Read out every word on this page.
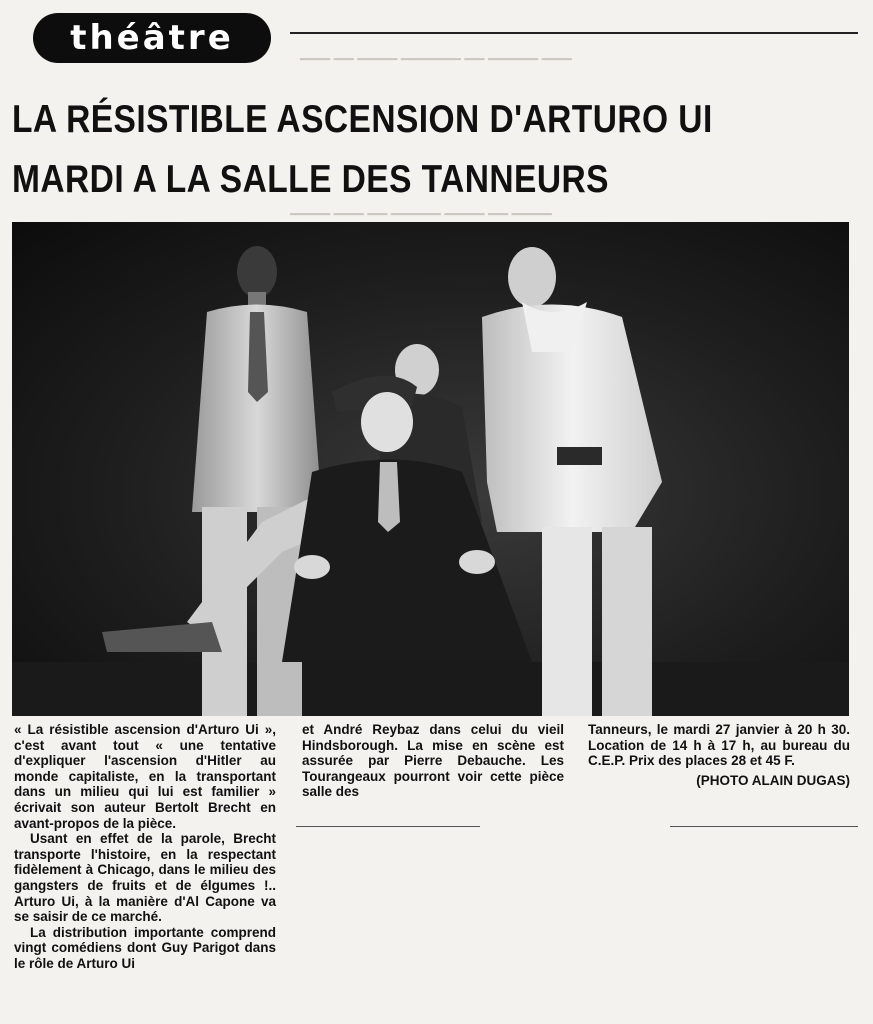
▁▁▁ ▁▁ ▁▁▁▁ ▁▁▁▁▁▁ ▁▁ ▁▁▁▁▁ ▁▁▁
▁▁▁▁ ▁▁▁ ▁▁ ▁▁▁▁▁ ▁▁▁▁ ▁▁ ▁▁▁▁
théâtre
LA RÉSISTIBLE ASCENSION D'ARTURO UI
MARDI A LA SALLE DES TANNEURS

« La résistible ascension d'Arturo Ui », c'est avant tout « une tentative d'expliquer l'ascension d'Hitler au monde capitaliste, en la transportant dans un milieu qui lui est familier » écrivait son auteur Bertolt Brecht en avant-propos de la pièce.

Usant en effet de la parole, Brecht transporte l'histoire, en la respectant fidèlement à Chicago, dans le milieu des gangsters de fruits et de élgumes !.. Arturo Ui, à la manière d'Al Capone va se saisir de ce marché.

La distribution importante comprend vingt comédiens dont Guy Parigot dans le rôle de Arturo Ui

et André Reybaz dans celui du vieil Hindsborough. La mise en scène est assurée par Pierre Debauche. Les Tourangeaux pourront voir cette pièce salle des

Tanneurs, le mardi 27 janvier à 20 h 30. Location de 14 h à 17 h, au bureau du C.E.P. Prix des places 28 et 45 F.

(PHOTO ALAIN DUGAS)
